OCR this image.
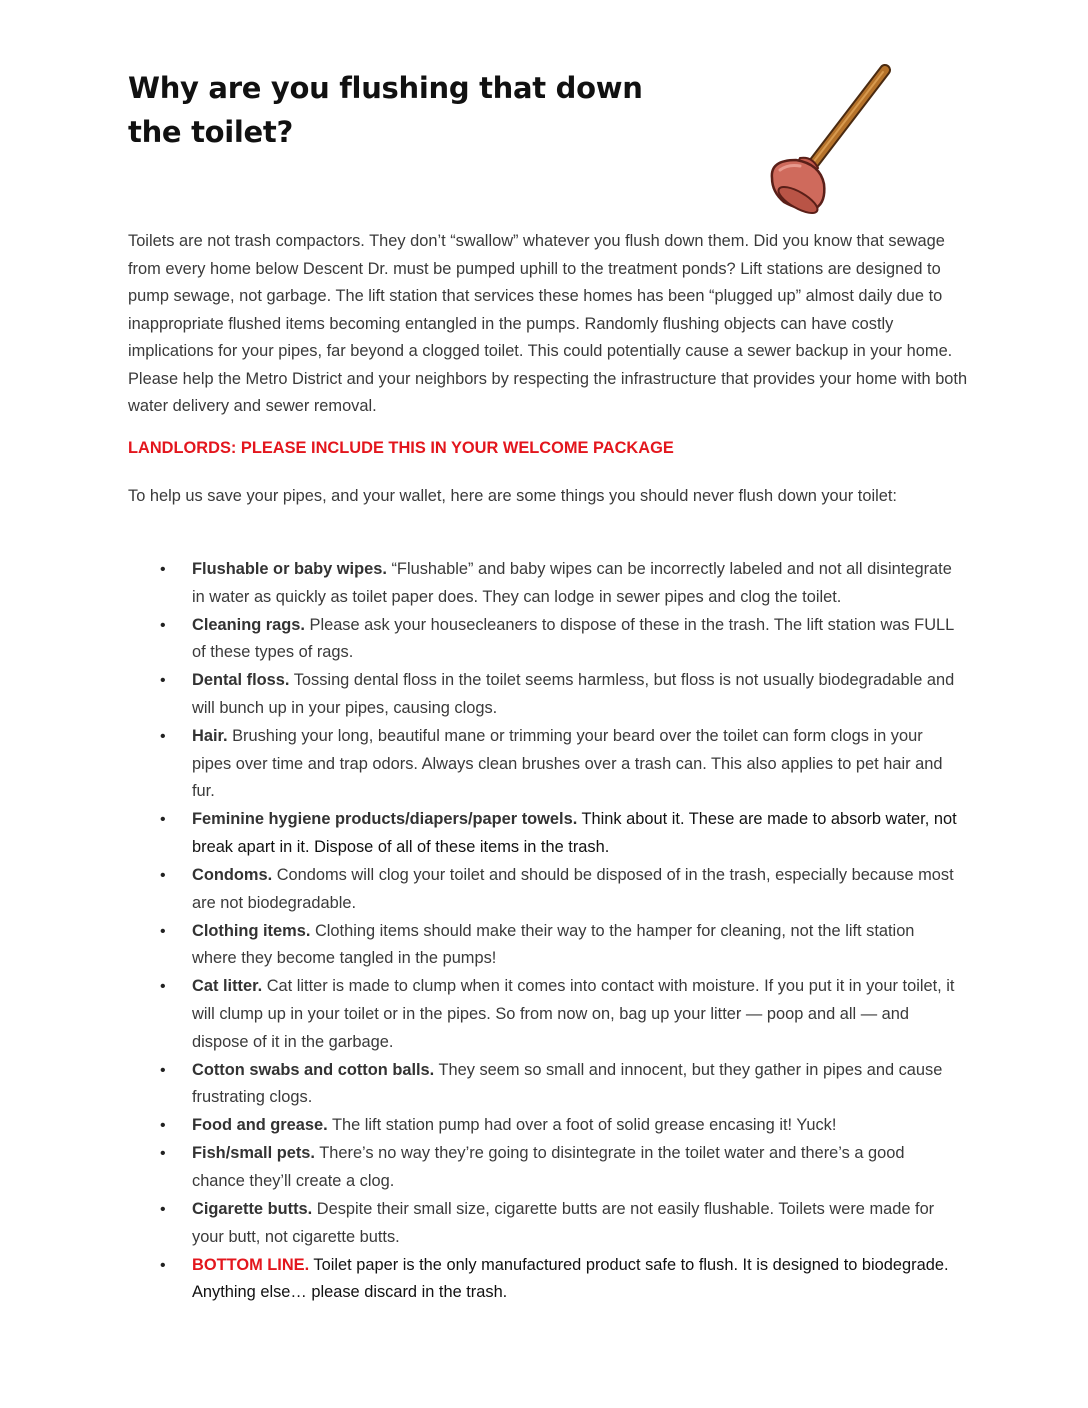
Why are you flushing that down the toilet?

Toilets are not trash compactors. They don’t “swallow” whatever you flush down them. Did you know that sewage from every home below Descent Dr. must be pumped uphill to the treatment ponds? Lift stations are designed to pump sewage, not garbage. The lift station that services these homes has been “plugged up” almost daily due to inappropriate flushed items becoming entangled in the pumps. Randomly flushing objects can have costly implications for your pipes, far beyond a clogged toilet. This could potentially cause a sewer backup in your home. Please help the Metro District and your neighbors by respecting the infrastructure that provides your home with both water delivery and sewer removal.

LANDLORDS: PLEASE INCLUDE THIS IN YOUR WELCOME PACKAGE

To help us save your pipes, and your wallet, here are some things you should never flush down your toilet:

• Flushable or baby wipes. “Flushable” and baby wipes can be incorrectly labeled and not all disintegrate in water as quickly as toilet paper does. They can lodge in sewer pipes and clog the toilet.
• Cleaning rags. Please ask your housecleaners to dispose of these in the trash. The lift station was FULL of these types of rags.
• Dental floss. Tossing dental floss in the toilet seems harmless, but floss is not usually biodegradable and will bunch up in your pipes, causing clogs.
• Hair. Brushing your long, beautiful mane or trimming your beard over the toilet can form clogs in your pipes over time and trap odors. Always clean brushes over a trash can. This also applies to pet hair and fur.
• Feminine hygiene products/diapers/paper towels. Think about it. These are made to absorb water, not break apart in it. Dispose of all of these items in the trash.
• Condoms. Condoms will clog your toilet and should be disposed of in the trash, especially because most are not biodegradable.
• Clothing items. Clothing items should make their way to the hamper for cleaning, not the lift station where they become tangled in the pumps!
• Cat litter. Cat litter is made to clump when it comes into contact with moisture. If you put it in your toilet, it will clump up in your toilet or in the pipes. So from now on, bag up your litter — poop and all — and dispose of it in the garbage.
• Cotton swabs and cotton balls. They seem so small and innocent, but they gather in pipes and cause frustrating clogs.
• Food and grease. The lift station pump had over a foot of solid grease encasing it! Yuck!
• Fish/small pets. There’s no way they’re going to disintegrate in the toilet water and there’s a good chance they’ll create a clog.
• Cigarette butts. Despite their small size, cigarette butts are not easily flushable. Toilets were made for your butt, not cigarette butts.
• BOTTOM LINE. Toilet paper is the only manufactured product safe to flush. It is designed to biodegrade. Anything else… please discard in the trash.
